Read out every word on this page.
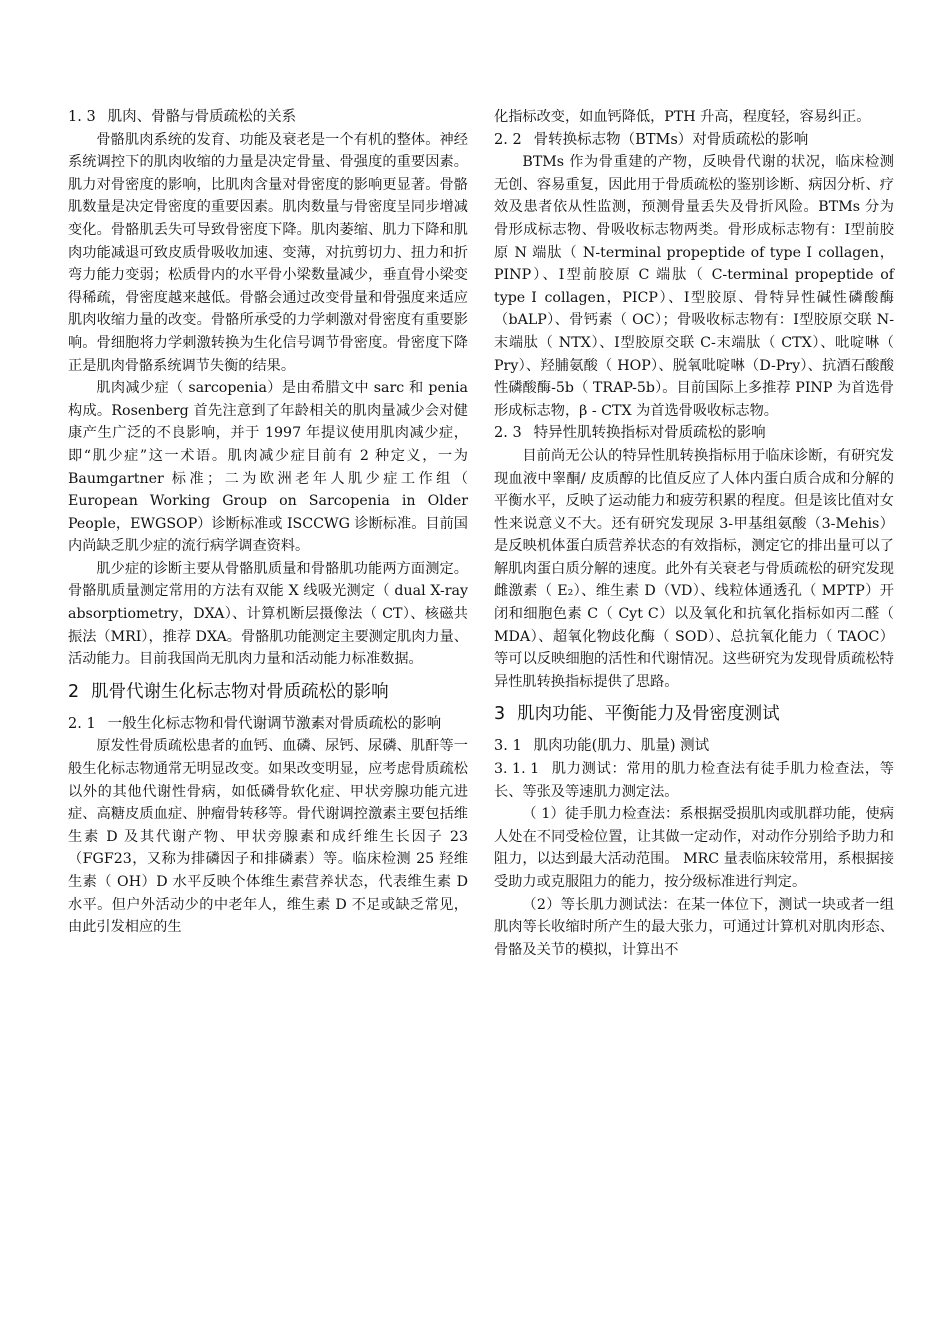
1. 3 肌肉、骨骼与骨质疏松的关系

骨骼肌肉系统的发育、功能及衰老是一个有机的整体。神经系统调控下的肌肉收缩的力量是决定骨量、骨强度的重要因素。肌力对骨密度的影响，比肌肉含量对骨密度的影响更显著。骨骼肌数量是决定骨密度的重要因素。肌肉数量与骨密度呈同步增减变化。骨骼肌丢失可导致骨密度下降。肌肉萎缩、肌力下降和肌肉功能减退可致皮质骨吸收加速、变薄，对抗剪切力、扭力和折弯力能力变弱；松质骨内的水平骨小梁数量减少，垂直骨小梁变得稀疏，骨密度越来越低。骨骼会通过改变骨量和骨强度来适应肌肉收缩力量的改变。骨骼所承受的力学刺激对骨密度有重要影响。骨细胞将力学刺激转换为生化信号调节骨密度。骨密度下降正是肌肉骨骼系统调节失衡的结果。

肌肉减少症（ sarcopenia）是由希腊文中 sarc 和 penia 构成。Rosenberg 首先注意到了年龄相关的肌肉量减少会对健康产生广泛的不良影响，并于 1997 年提议使用肌肉减少症，即“肌少症”这一术语。肌肉减少症目前有 2 种定义，一为 Baumgartner 标准；二为欧洲老年人肌少症工作组（ European Working Group on Sarcopenia in Older People，EWGSOP）诊断标准或 ISCCWG 诊断标准。目前国内尚缺乏肌少症的流行病学调查资料。

肌少症的诊断主要从骨骼肌质量和骨骼肌功能两方面测定。骨骼肌质量测定常用的方法有双能 X 线吸光测定（ dual X-ray absorptiometry，DXA）、计算机断层摄像法（ CT）、核磁共振法（MRI），推荐 DXA。骨骼肌功能测定主要测定肌肉力量、活动能力。目前我国尚无肌肉力量和活动能力标准数据。

2 肌骨代谢生化标志物对骨质疏松的影响
2. 1 一般生化标志物和骨代谢调节激素对骨质疏松的影响

原发性骨质疏松患者的血钙、血磷、尿钙、尿磷、肌酐等一般生化标志物通常无明显改变。如果改变明显，应考虑骨质疏松以外的其他代谢性骨病，如低磷骨软化症、甲状旁腺功能亢进症、高糖皮质血症、肿瘤骨转移等。骨代谢调控激素主要包括维生素 D 及其代谢产物、甲状旁腺素和成纤维生长因子 23（FGF23，又称为排磷因子和排磷素）等。临床检测 25 羟维生素（ OH）D 水平反映个体维生素营养状态，代表维生素 D 水平。但户外活动少的中老年人，维生素 D 不足或缺乏常见，由此引发相应的生

化指标改变，如血钙降低，PTH 升高，程度轻，容易纠正。

2. 2 骨转换标志物（BTMs）对骨质疏松的影响

BTMs 作为骨重建的产物，反映骨代谢的状况，临床检测无创、容易重复，因此用于骨质疏松的鉴别诊断、病因分析、疗效及患者依从性监测，预测骨量丢失及骨折风险。BTMs 分为骨形成标志物、骨吸收标志物两类。骨形成标志物有：Ⅰ型前胶原 N 端肽（ N-terminal propeptide of type Ⅰ collagen，PINP）、Ⅰ型前胶原 C 端肽（ C-terminal propeptide of type Ⅰ collagen，PICP）、Ⅰ型胶原、骨特异性碱性磷酸酶（bALP）、骨钙素（ OC）；骨吸收标志物有：Ⅰ型胶原交联 N-末端肽（ NTX）、Ⅰ型胶原交联 C-末端肽（ CTX）、吡啶啉（ Pry）、羟脯氨酸（ HOP）、脱氧吡啶啉（D-Pry）、抗酒石酸酸性磷酸酶-5b（ TRAP-5b）。目前国际上多推荐 PINP 为首选骨形成标志物，β - CTX 为首选骨吸收标志物。

2. 3 特异性肌转换指标对骨质疏松的影响

目前尚无公认的特异性肌转换指标用于临床诊断，有研究发现血液中睾酮/ 皮质醇的比值反应了人体内蛋白质合成和分解的平衡水平，反映了运动能力和疲劳积累的程度。但是该比值对女性来说意义不大。还有研究发现尿 3-甲基组氨酸（3-Mehis）是反映机体蛋白质营养状态的有效指标，测定它的排出量可以了解肌肉蛋白质分解的速度。此外有关衰老与骨质疏松的研究发现雌激素（ E₂）、维生素 D（VD）、线粒体通透孔（ MPTP）开闭和细胞色素 C（ Cyt C）以及氧化和抗氧化指标如丙二醛（ MDA）、超氧化物歧化酶（ SOD）、总抗氧化能力（ TAOC）等可以反映细胞的活性和代谢情况。这些研究为发现骨质疏松特异性肌转换指标提供了思路。

3 肌肉功能、平衡能力及骨密度测试
3. 1 肌肉功能(肌力、肌量) 测试

3. 1. 1 肌力测试：常用的肌力检查法有徒手肌力检查法，等长、等张及等速肌力测定法。

（ 1）徒手肌力检查法：系根据受损肌肉或肌群功能，使病人处在不同受检位置，让其做一定动作，对动作分别给予助力和阻力，以达到最大活动范围。 MRC 量表临床较常用，系根据接受助力或克服阻力的能力，按分级标准进行判定。

（2）等长肌力测试法：在某一体位下，测试一块或者一组肌肉等长收缩时所产生的最大张力，可通过计算机对肌肉形态、骨骼及关节的模拟，计算出不
